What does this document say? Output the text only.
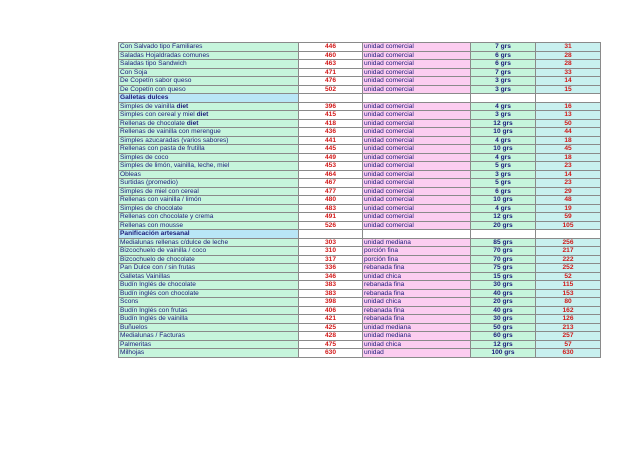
Con Salvado tipo Familiares	446	unidad comercial	7 grs	31
Saladas Hojaldradas comunes	460	unidad comercial	6 grs	28
Saladas tipo Sandwich	463	unidad comercial	6 grs	28
Con Soja	471	unidad comercial	7 grs	33
De Copetín sabor queso	476	unidad comercial	3 grs	14
De Copetín con queso	502	unidad comercial	3 grs	15
Galletas dulces				
Simples de vainilla diet	396	unidad comercial	4 grs	16
Simples con cereal y miel diet	415	unidad comercial	3 grs	13
Rellenas de chocolate diet	418	unidad comercial	12 grs	50
Rellenas de vainilla con merengue	436	unidad comercial	10 grs	44
Simples azucaradas (varios sabores)	441	unidad comercial	4 grs	18
Rellenas con pasta de frutilla	445	unidad comercial	10 grs	45
Simples de coco	449	unidad comercial	4 grs	18
Simples de limón, vainilla, leche, miel	453	unidad comercial	5 grs	23
Obleas	464	unidad comercial	3 grs	14
Surtidas (promedio)	467	unidad comercial	5 grs	23
Simples de miel con cereal	477	unidad comercial	6 grs	29
Rellenas con vainilla / limón	480	unidad comercial	10 grs	48
Simples de chocolate	483	unidad comercial	4 grs	19
Rellenas con chocolate y crema	491	unidad comercial	12 grs	59
Rellenas con mousse	526	unidad comercial	20 grs	105
Panificación artesanal				
Medialunas rellenas c/dulce de leche	303	unidad mediana	85 grs	256
Bizcochuelo de vainilla / coco	310	porción fina	70 grs	217
Bizcochuelo de chocolate	317	porción fina	70 grs	222
Pan Dulce con / sin frutas	336	rebanada fina	75 grs	252
Galletas Vainillas	346	unidad chica	15 grs	52
Budín Inglés de chocolate	383	rebanada fina	30 grs	115
Budín inglés con chocolate	383	rebanada fina	40 grs	153
Scons	398	unidad chica	20 grs	80
Budín Inglés con frutas	406	rebanada fina	40 grs	162
Budín Inglés de vainilla	421	rebanada fina	30 grs	126
Buñuelos	425	unidad mediana	50 grs	213
Medialunas / Facturas	428	unidad mediana	60 grs	257
Palmeritas	475	unidad chica	12 grs	57
Milhojas	630	unidad	100 grs	630
